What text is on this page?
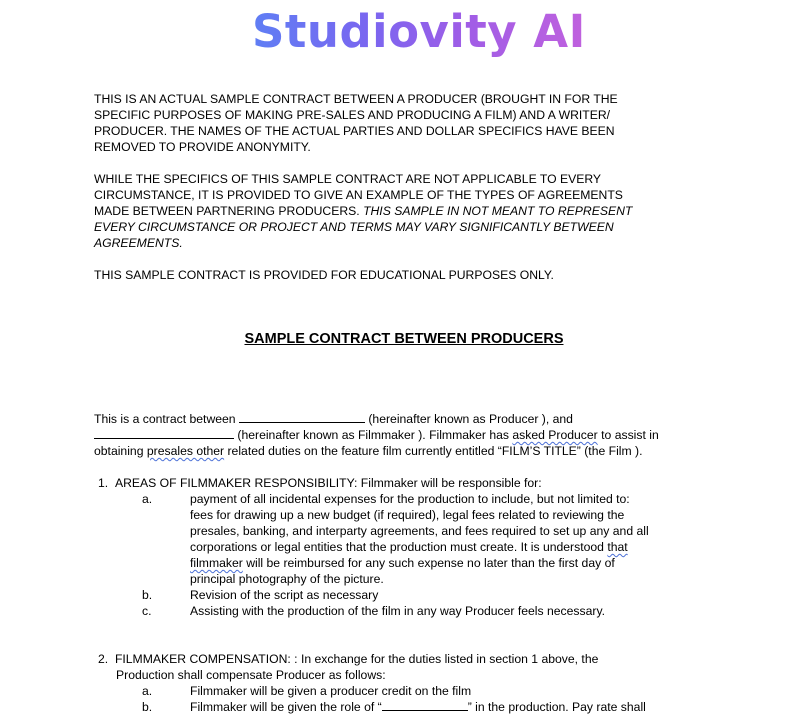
Studiovity AI
THIS IS AN ACTUAL SAMPLE CONTRACT BETWEEN A PRODUCER (BROUGHT IN FOR THE
SPECIFIC PURPOSES OF MAKING PRE-SALES AND PRODUCING A FILM) AND A WRITER/
PRODUCER. THE NAMES OF THE ACTUAL PARTIES AND DOLLAR SPECIFICS HAVE BEEN
REMOVED TO PROVIDE ANONYMITY.
WHILE THE SPECIFICS OF THIS SAMPLE CONTRACT ARE NOT APPLICABLE TO EVERY
CIRCUMSTANCE, IT IS PROVIDED TO GIVE AN EXAMPLE OF THE TYPES OF AGREEMENTS
MADE BETWEEN PARTNERING PRODUCERS. THIS SAMPLE IN NOT MEANT TO REPRESENT
EVERY CIRCUMSTANCE OR PROJECT AND TERMS MAY VARY SIGNIFICANTLY BETWEEN
AGREEMENTS.
THIS SAMPLE CONTRACT IS PROVIDED FOR EDUCATIONAL PURPOSES ONLY.
SAMPLE CONTRACT BETWEEN PRODUCERS
This is a contract between	(hereinafter known as Producer ), and
(hereinafter known as Filmmaker ). Filmmaker has asked Producer to assist in
obtaining presales other related duties on the feature film currently entitled “FILM’S TITLE” (the Film ).
1. AREAS OF FILMMAKER RESPONSIBILITY: Filmmaker will be responsible for:
a.	payment of all incidental expenses for the production to include, but not limited to:
fees for drawing up a new budget (if required), legal fees related to reviewing the
presales, banking, and interparty agreements, and fees required to set up any and all
corporations or legal entities that the production must create. It is understood that
filmmaker will be reimbursed for any such expense no later than the first day of
principal photography of the picture.
b.	Revision of the script as necessary
c.	Assisting with the production of the film in any way Producer feels necessary.
2. FILMMAKER COMPENSATION: : In exchange for the duties listed in section 1 above, the
Production shall compensate Producer as follows:
a.	Filmmaker will be given a producer credit on the film
b.	Filmmaker will be given the role of “	” in the production. Pay rate shall
